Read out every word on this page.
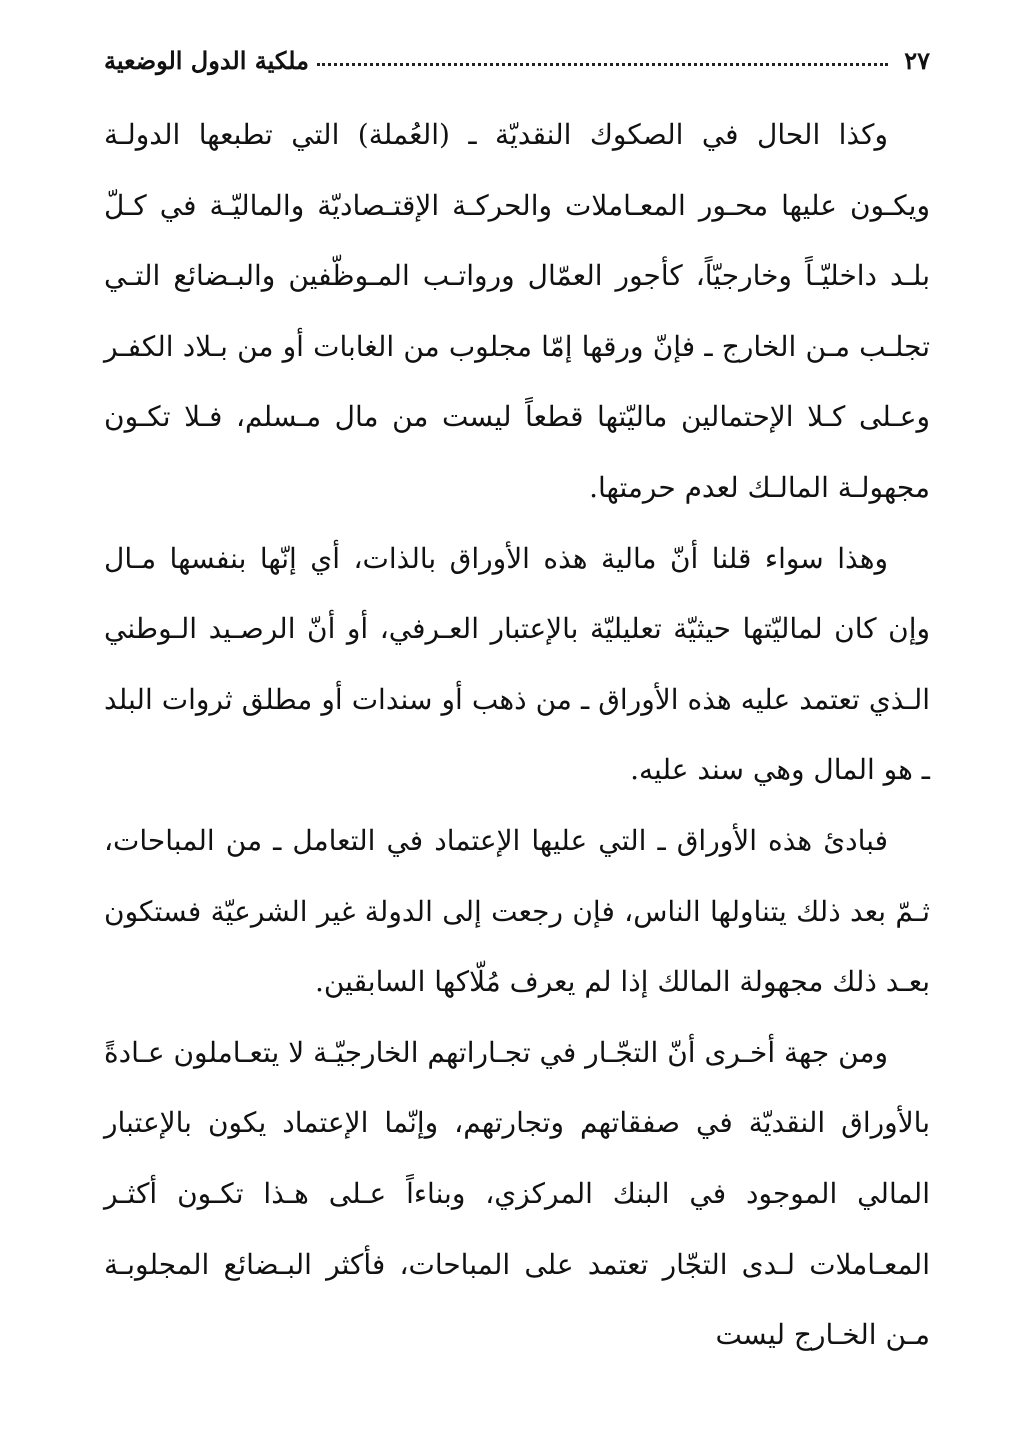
٢٧
ملكية الدول الوضعية

وكذا الحال في الصكوك النقديّة ـ (العُملة) التي تطبعها الدولـة ويكـون عليها محـور المعـاملات والحركـة الإقتـصاديّة والماليّـة في كـلّ بلـد داخليّـاً وخارجيّاً، كأجور العمّال ورواتـب المـوظّفين والبـضائع التـي تجلـب مـن الخارج ـ فإنّ ورقها إمّا مجلوب من الغابات أو من بـلاد الكفـر وعـلى كـلا الإحتمالين ماليّتها قطعاً ليست من مال مـسلم، فـلا تكـون مجهولـة المالـك لعدم حرمتها.

وهذا سواء قلنا أنّ مالية هذه الأوراق بالذات، أي إنّها بنفسها مـال وإن كان لماليّتها حيثيّة تعليليّة بالإعتبار العـرفي، أو أنّ الرصـيد الـوطني الـذي تعتمد عليه هذه الأوراق ـ من ذهب أو سندات أو مطلق ثروات البلد ـ هو المال وهي سند عليه.

فبادئ هذه الأوراق ـ التي عليها الإعتماد في التعامل ـ من المباحات، ثـمّ بعد ذلك يتناولها الناس، فإن رجعت إلى الدولة غير الشرعيّة فستكون بعـد ذلك مجهولة المالك إذا لم يعرف مُلّاكها السابقين.

ومن جهة أخـرى أنّ التجّـار في تجـاراتهم الخارجيّـة لا يتعـاملون عـادةً بالأوراق النقديّة في صفقاتهم وتجارتهم، وإنّما الإعتماد يكون بالإعتبار المالي الموجود في البنك المركزي، وبناءاً عـلى هـذا تكـون أكثـر المعـاملات لـدى التجّار تعتمد على المباحات، فأكثر البـضائع المجلوبـة مـن الخـارج ليست
